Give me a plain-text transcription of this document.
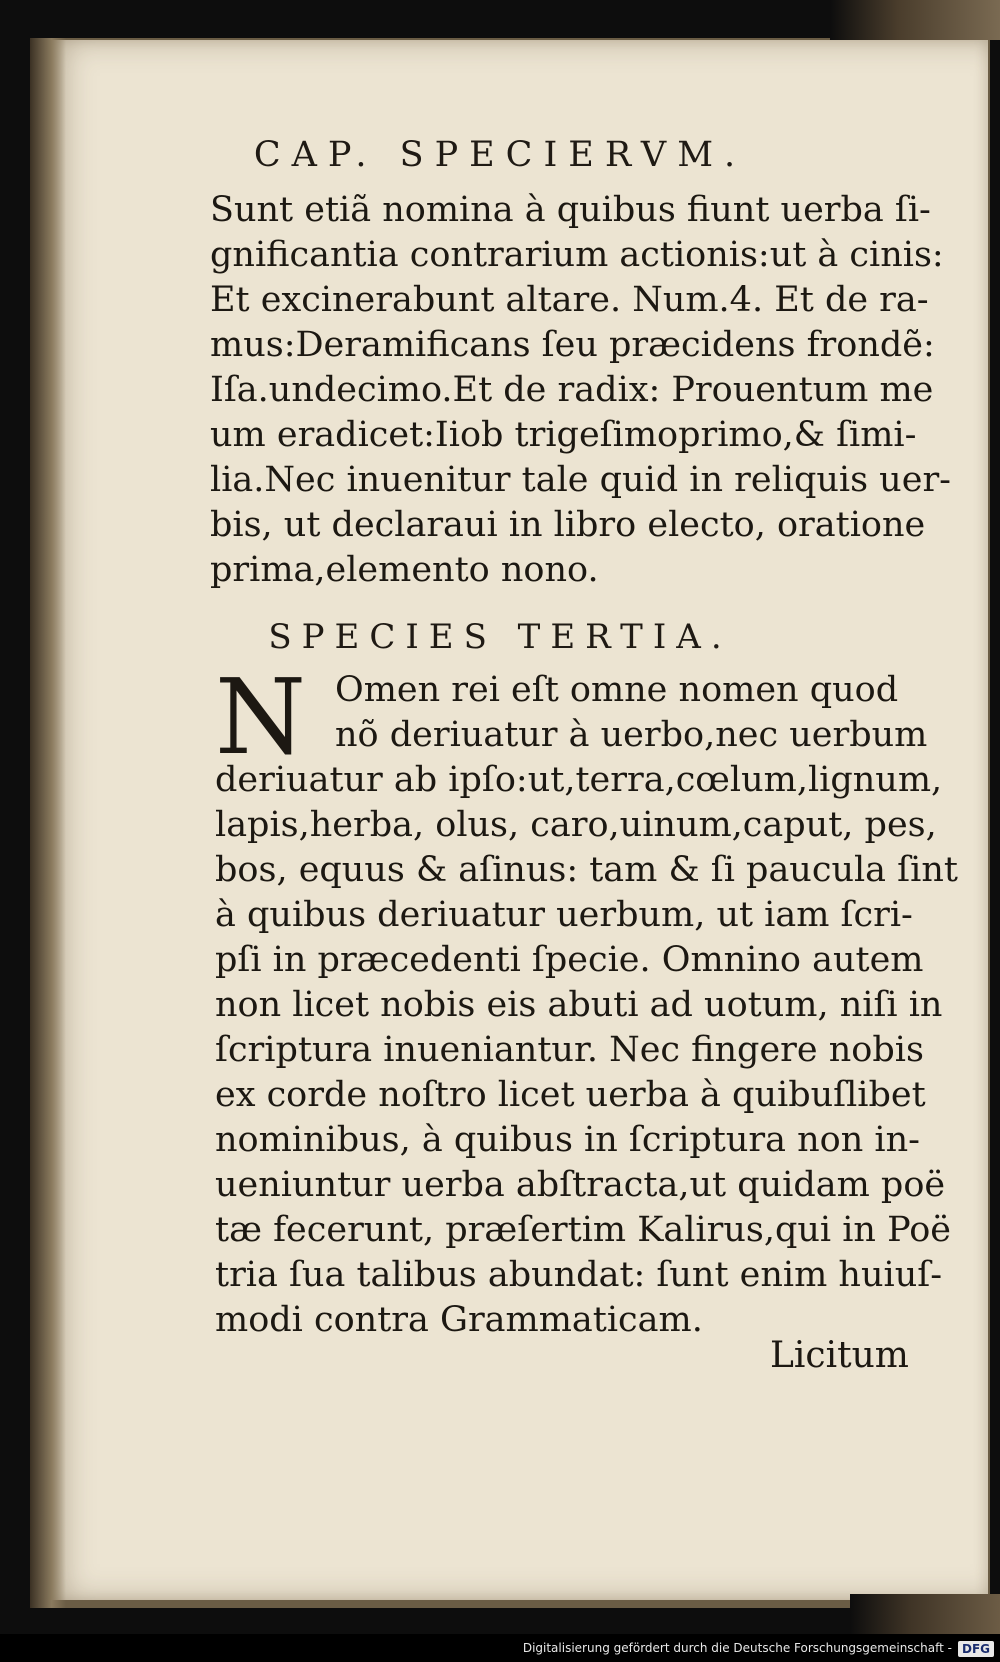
CAP. SPECIERVM.
Sunt etiã nomina à quibus fiunt uerba ſi-
gnificantia contrarium actionis:ut à cinis:
Et excinerabunt altare. Num.4. Et de ra-
mus:Deramificans ſeu præcidens frondẽ:
Iſa.undecimo.Et de radix: Prouentum me
um eradicet:Iiob trigeſimoprimo,& ſimi-
lia.Nec inuenitur tale quid in reliquis uer-
bis, ut declaraui in libro electo, oratione
prima,elemento nono.
SPECIES TERTIA.
N Omen rei eſt omne nomen quod
nõ deriuatur à uerbo,nec uerbum
deriuatur ab ipſo:ut,terra,cœlum,lignum,
lapis,herba, olus, caro,uinum,caput, pes,
bos, equus & aſinus: tam & ſi paucula ſint
à quibus deriuatur uerbum, ut iam ſcri-
pſi in præcedenti ſpecie. Omnino autem
non licet nobis eis abuti ad uotum, niſi in
ſcriptura inueniantur. Nec fingere nobis
ex corde noſtro licet uerba à quibuſlibet
nominibus, à quibus in ſcriptura non in-
ueniuntur uerba abſtracta,ut quidam poë
tæ fecerunt, præſertim Kalirus,qui in Poë
tria ſua talibus abundat: ſunt enim huiuſ-
modi contra Grammaticam.
Licitum
Digitalisierung gefördert durch die Deutsche Forschungsgemeinschaft - DFG
